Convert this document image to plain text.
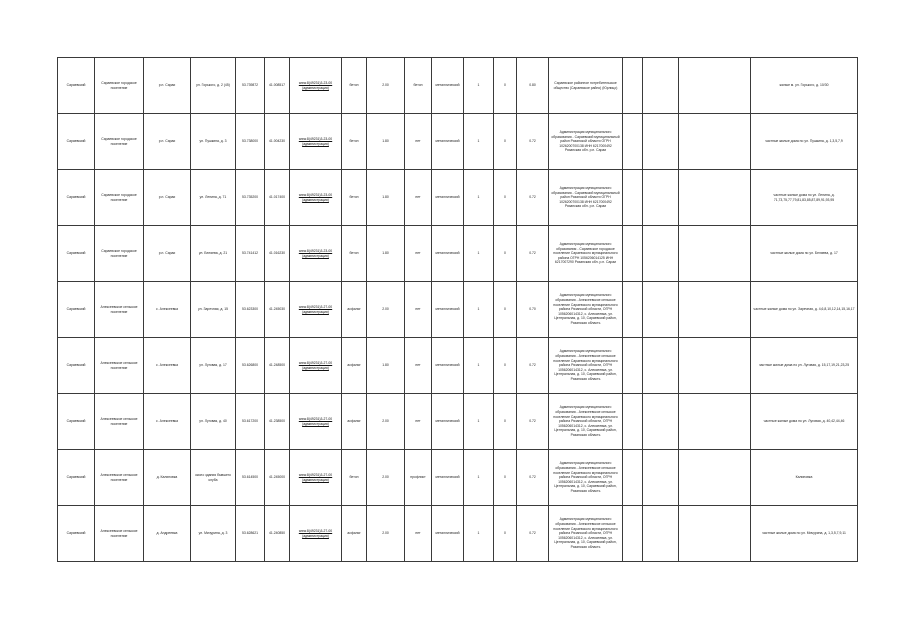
Сараевский	Сараевское городское поселение	р.п. Сараи	ул. Горького, д. 2 (45)	53.739872	41.008517	www.8(49231)3-23-00 (администрация)	бетон	2.00	бетон	металлический	1	0	0.80	Сараевское районное потребительское общество (Сараевское райпо) (Юрлицо)				жилые м. ул. Горького, д. 10/30
Сараевский	Сараевское городское поселение	р.п. Сараи	ул. Пушкина, д. 3	53.738000	41.004230	www.8(49231)3-23-00 (администрация)	бетон	1.80	нет	металлический	1	0	0.72	Администрация муниципального образования - Сараевский муниципальный район Рязанской области ОГРН 1026200700138 ИНН 6217000492 Рязанская обл. р.п. Сараи				частные жилые дома по ул. Пушкина, д. 1,3,5,7,9
Сараевский	Сараевское городское поселение	р.п. Сараи	ул. Ленина, д. 71	53.735200	41.017400	www.8(49231)3-23-00 (администрация)	бетон	1.80	нет	металлический	1	0	0.72	Администрация муниципального образования - Сараевский муниципальный район Рязанской области ОГРН 1026200700138 ИНН 6217000492 Рязанская обл. р.п. Сараи				частные жилые дома по ул. Ленина, д. 71,73,75,77,79,81,83,85,87,89,91,93,95
Сараевский	Сараевское городское поселение	р.п. Сараи	ул. Беляева, д. 21	53.741412	41.016230	www.8(49231)3-23-00 (администрация)	бетон	1.80	нет	металлический	1	0	0.72	Администрация муниципального образования - Сараевское городское поселение Сараевского муниципального района ОГРН 1056206014125 ИНН 6217007290 Рязанская обл. р.п. Сараи				частные жилые дома по ул. Беляева, д. 17
Сараевский	Алексеевское сельское поселение	с. Алексеевка	ул. Заречная, д. 15	53.623300	41.245030	www.8(49231)3-27-00 (администрация)	асфальт	2.00	нет	металлический	1	0	0.70	Администрация муниципального образования - Алексеевское сельское поселение Сараевского муниципального района Рязанской области, ОГРН 1056206014312, с. Алексеевка, ул. Центральная, д. 10, Сараевский район, Рязанская область				частные жилые дома по ул. Заречная, д. 4,6,8,10,12,14,15,16,17
Сараевский	Алексеевское сельское поселение	с. Алексеевка	ул. Луговая, д. 17	53.626800	41.248500	www.8(49231)3-27-00 (администрация)	асфальт	1.80	нет	металлический	1	0	0.72	Администрация муниципального образования - Алексеевское сельское поселение Сараевского муниципального района Рязанской области, ОГРН 1056206014312, с. Алексеевка, ул. Центральная, д. 10, Сараевский район, Рязанская область				частные жилые дома по ул. Луговая, д. 15,17,19,21,23,25
Сараевский	Алексеевское сельское поселение	с. Алексеевка	ул. Луговая, д. 40	53.617200	41.238500	www.8(49231)3-27-00 (администрация)	асфальт	2.00	нет	металлический	1	0	0.72	Администрация муниципального образования - Алексеевское сельское поселение Сараевского муниципального района Рязанской области, ОГРН 1056206014312, с. Алексеевка, ул. Центральная, д. 10, Сараевский район, Рязанская область				частные жилые дома по ул. Луговая, д. 40,42,44,46
Сараевский	Алексеевское сельское поселение	д. Калиновка	около здания бывшего клуба	53.614500	41.245000	www.8(49231)3-27-00 (администрация)	бетон	2.00	профлист	металлический	1	0	0.72	Администрация муниципального образования - Алексеевское сельское поселение Сараевского муниципального района Рязанской области, ОГРН 1056206014312, с. Алексеевка, ул. Центральная, д. 10, Сараевский район, Рязанская область				Калиновка
Сараевский	Алексеевское сельское поселение	д. Андреевка	ул. Мичурина, д. 3	53.628621	41.240850	www.8(49231)3-27-00 (администрация)	асфальт	2.00	нет	металлический	1	0	0.72	Администрация муниципального образования - Алексеевское сельское поселение Сараевского муниципального района Рязанской области, ОГРН 1056206014312, с. Алексеевка, ул. Центральная, д. 10, Сараевский район, Рязанская область				частные жилые дома по ул. Мичурина, д. 1,3,5,7,9,11
